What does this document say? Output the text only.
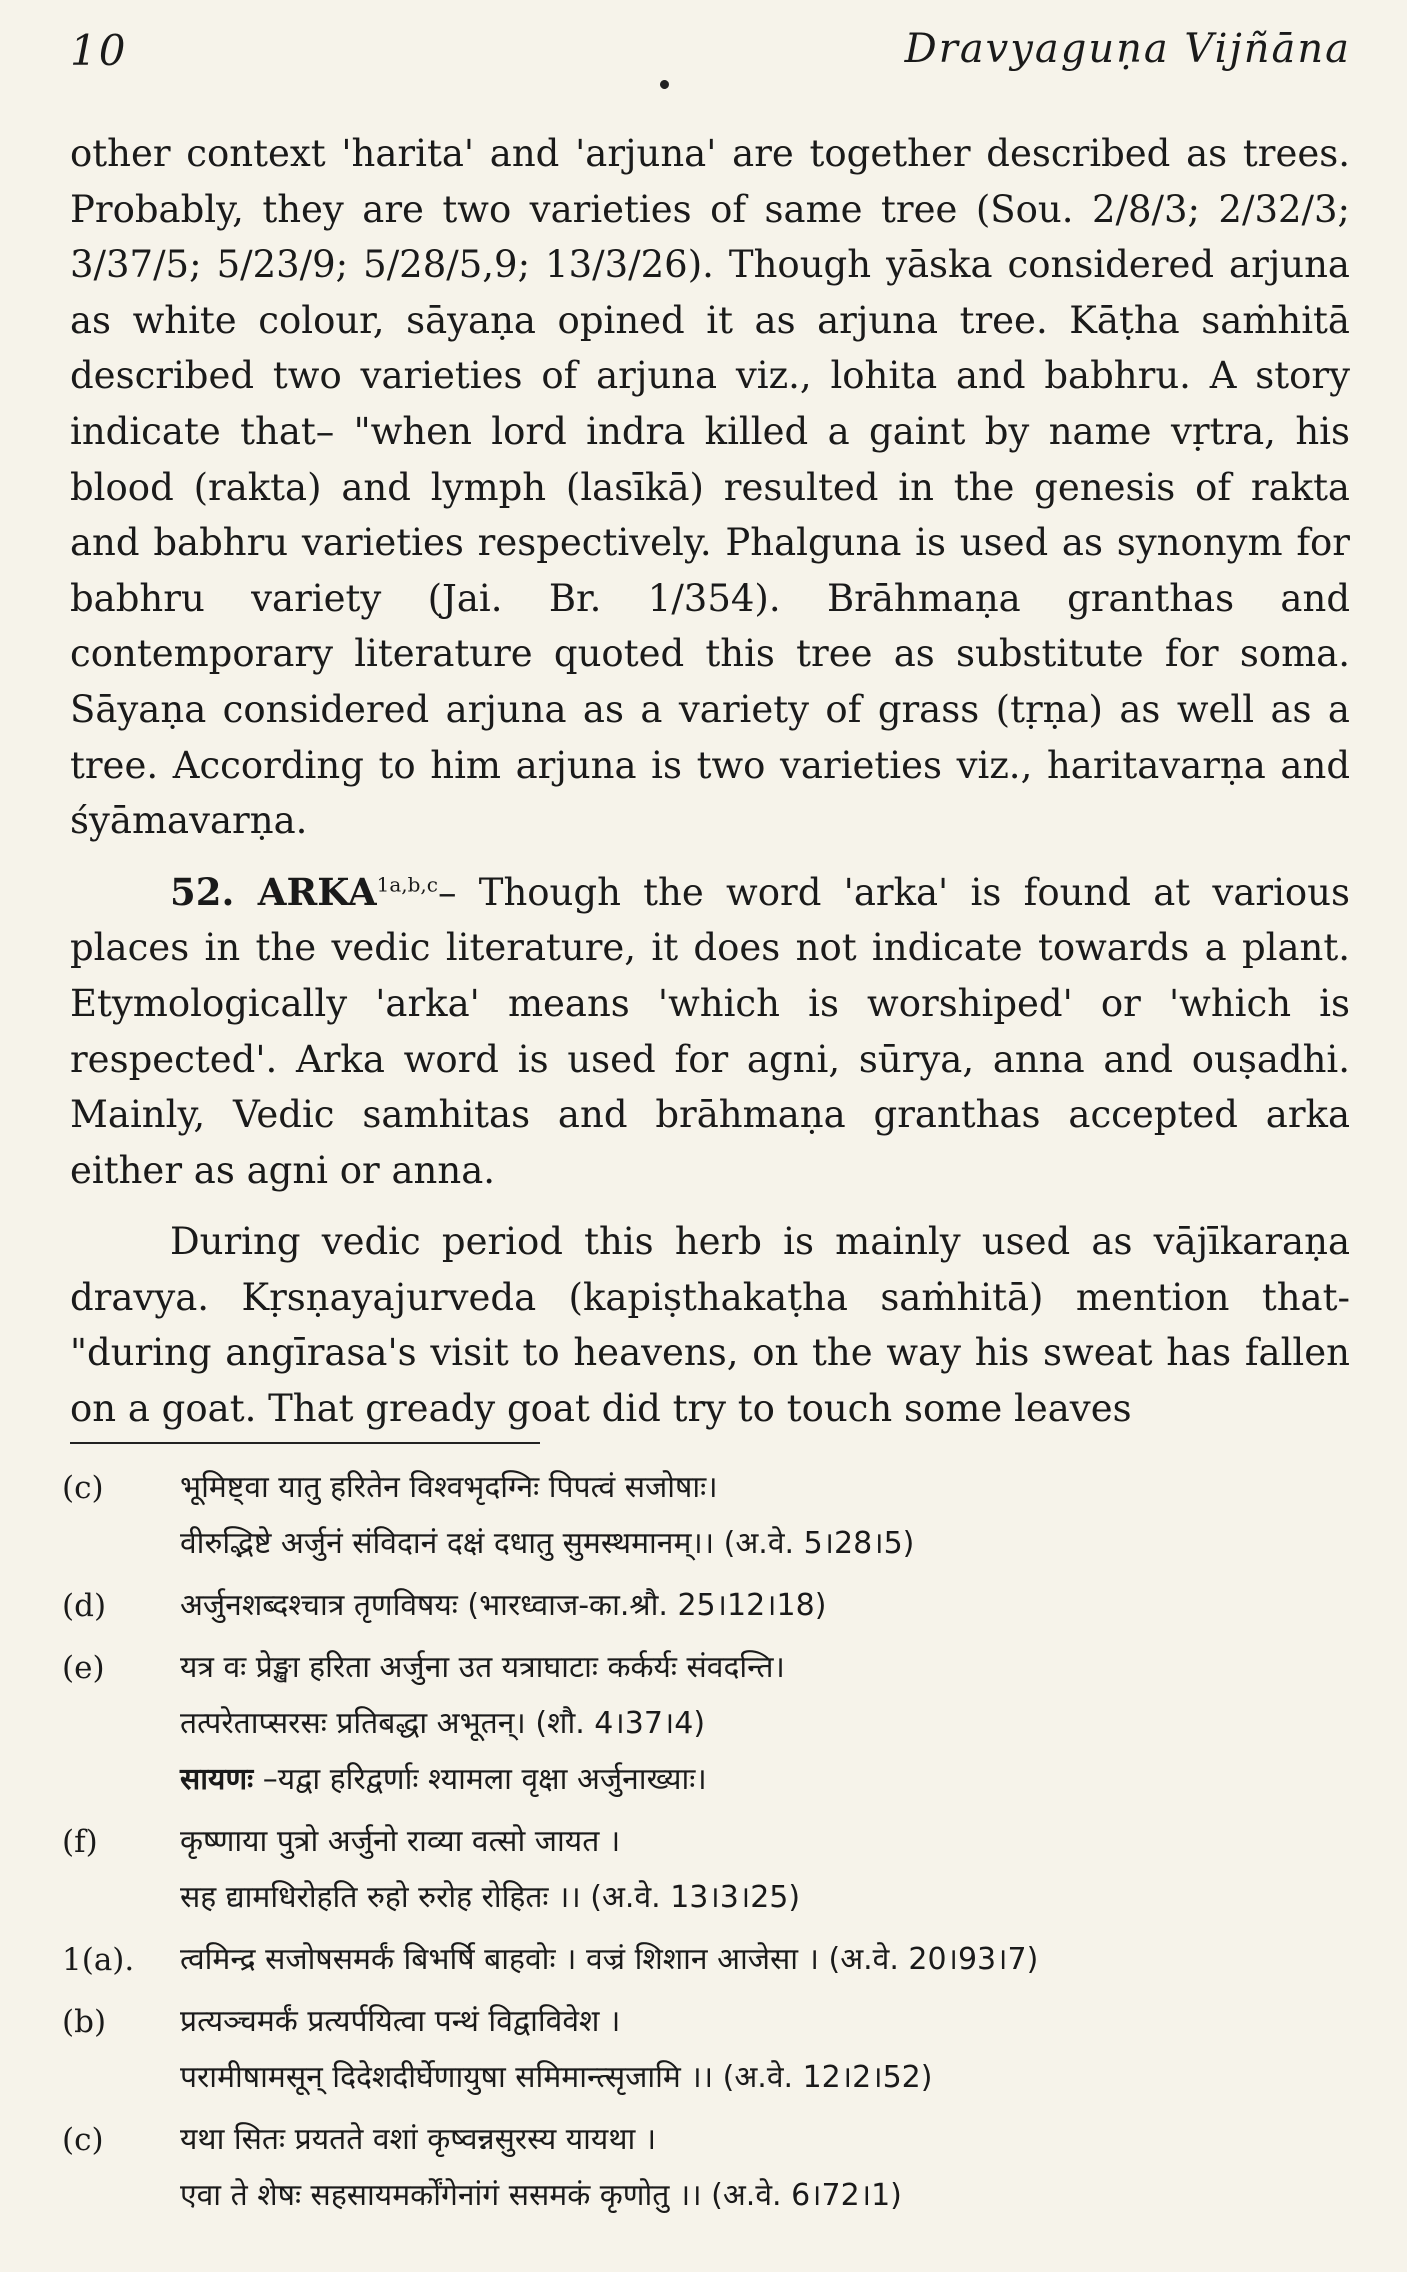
10	Dravyaguṇa Vijñāna

other context 'harita' and 'arjuna' are together described as trees. Probably, they are two varieties of same tree (Sou. 2/8/3; 2/32/3; 3/37/5; 5/23/9; 5/28/5,9; 13/3/26). Though yāska considered arjuna as white colour, sāyaṇa opined it as arjuna tree. Kāṭha saṁhitā described two varieties of arjuna viz., lohita and babhru. A story indicate that– "when lord indra killed a gaint by name vṛtra, his blood (rakta) and lymph (lasīkā) resulted in the genesis of rakta and babhru varieties respectively. Phalguna is used as synonym for babhru variety (Jai. Br. 1/354). Brāhmaṇa granthas and contemporary literature quoted this tree as substitute for soma. Sāyaṇa considered arjuna as a variety of grass (tṛṇa) as well as a tree. According to him arjuna is two varieties viz., haritavarṇa and śyāmavarṇa.

52. $ARKA^{1a,b,c}-$ Though the word 'arka' is found at various places in the vedic literature, it does not indicate towards a plant. Etymologically 'arka' means 'which is worshiped' or 'which is respected'. Arka word is used for agni, sūrya, anna and ouṣadhi. Mainly, Vedic samhitas and brāhmaṇa granthas accepted arka either as agni or anna.

During vedic period this herb is mainly used as vājīkaraṇa dravya. Kṛsṇayajurveda (kapiṣthakaṭha saṁhitā) mention that- "during angīrasa's visit to heavens, on the way his sweat has fallen on a goat. That gready goat did try to touch some leaves

(c)	भूमिष्ट्वा यातु हरितेन विश्वभृदग्निः पिपत्वं सजोषाः।
वीरुद्भिष्टे अर्जुनं संविदानं दक्षं दधातु सुमस्थमानम्।। (अ.वे. 5।28।5)
(d) अर्जुनशब्दश्चात्र तृणविषयः (भारध्वाज-का.श्रौ. 25।12।18)
(e)	यत्र वः प्रेङ्खा हरिता अर्जुना उत यत्राघाटाः कर्कर्यः संवदन्ति।
तत्परेताप्सरसः प्रतिबद्धा अभूतन्। (शौ. 4।37।4)
सायणः –यद्वा हरिद्वर्णाः श्यामला वृक्षा अर्जुनाख्याः।
(f)	कृष्णाया पुत्रो अर्जुनो राव्या वत्सो जायत ।
सह द्यामधिरोहति रुहो रुरोह रोहितः ।। (अ.वे. 13।3।25)
1(a). त्वमिन्द्र सजोषसमर्कं बिभर्षि बाहवोः । वज्रं शिशान आजेसा । (अ.वे. 20।93।7)
(b) प्रत्यञ्चमर्कं प्रत्यर्पयित्वा पन्थं विद्वाविवेश ।
परामीषामसून् दिदेशदीर्घेणायुषा समिमान्त्सृजामि ।। (अ.वे. 12।2।52)
(c)	यथा सितः प्रयतते वशां कृष्वन्नसुरस्य यायथा ।
एवा ते शेषः सहसायमर्कोंगेनांगं ससमकं कृणोतु ।। (अ.वे. 6।72।1)
